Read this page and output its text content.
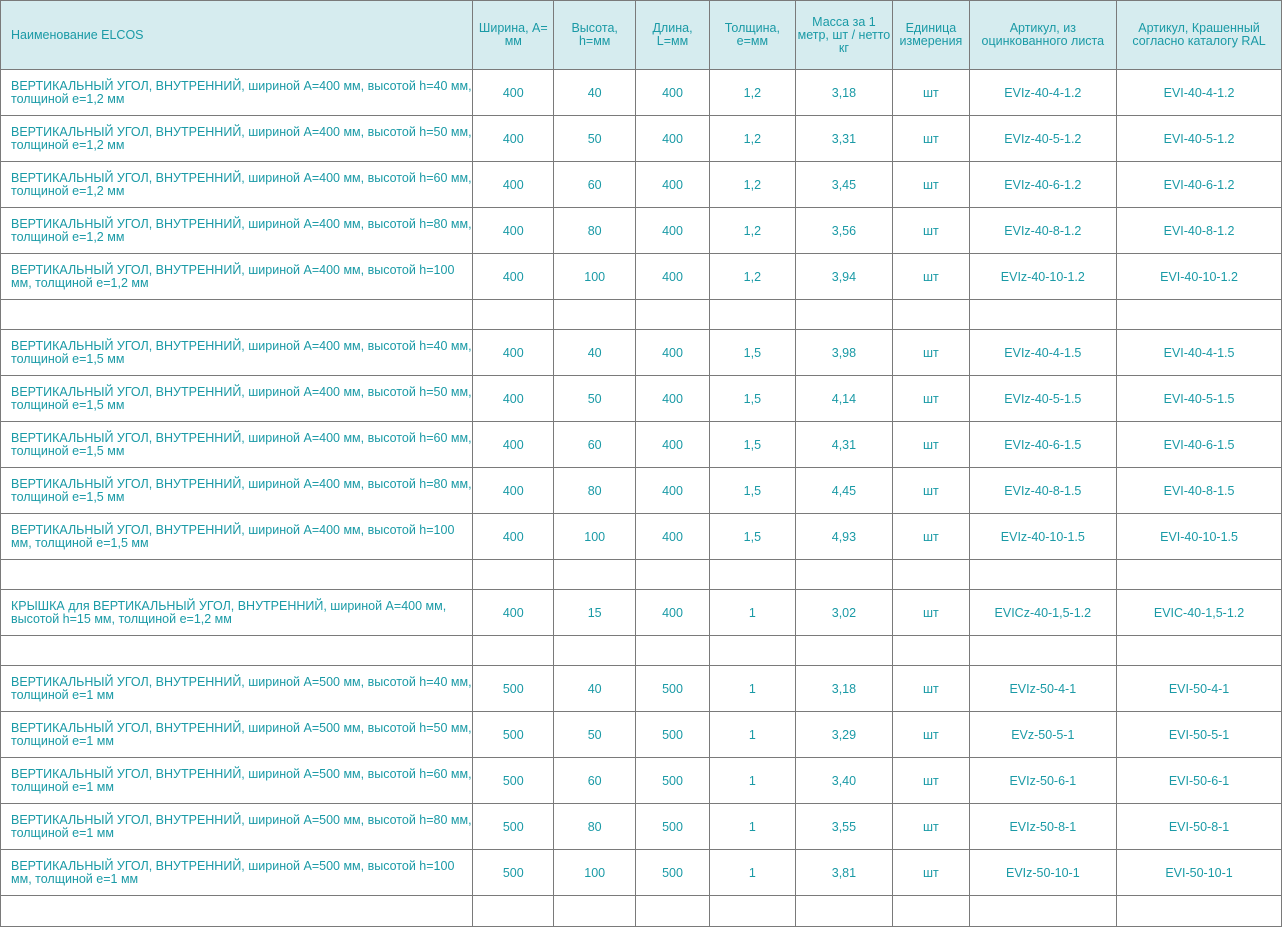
Наименование ELCOS	Ширина, А= мм	Высота, h=мм	Длина, L=мм	Толщина, е=мм	Масса за 1 метр, шт / нетто кг	Единица измерения	Артикул, из оцинкованного листа	Артикул, Крашенный согласно каталогу RAL
ВЕРТИКАЛЬНЫЙ УГОЛ, ВНУТРЕННИЙ, шириной А=400 мм, высотой h=40 мм, толщиной е=1,2 мм	400	40	400	1,2	3,18	шт	EVIz-40-4-1.2	EVI-40-4-1.2
ВЕРТИКАЛЬНЫЙ УГОЛ, ВНУТРЕННИЙ, шириной А=400 мм, высотой h=50 мм, толщиной е=1,2 мм	400	50	400	1,2	3,31	шт	EVIz-40-5-1.2	EVI-40-5-1.2
ВЕРТИКАЛЬНЫЙ УГОЛ, ВНУТРЕННИЙ, шириной А=400 мм, высотой h=60 мм, толщиной е=1,2 мм	400	60	400	1,2	3,45	шт	EVIz-40-6-1.2	EVI-40-6-1.2
ВЕРТИКАЛЬНЫЙ УГОЛ, ВНУТРЕННИЙ, шириной А=400 мм, высотой h=80 мм, толщиной е=1,2 мм	400	80	400	1,2	3,56	шт	EVIz-40-8-1.2	EVI-40-8-1.2
ВЕРТИКАЛЬНЫЙ УГОЛ, ВНУТРЕННИЙ, шириной А=400 мм, высотой h=100 мм, толщиной е=1,2 мм	400	100	400	1,2	3,94	шт	EVIz-40-10-1.2	EVI-40-10-1.2

ВЕРТИКАЛЬНЫЙ УГОЛ, ВНУТРЕННИЙ, шириной А=400 мм, высотой h=40 мм, толщиной е=1,5 мм	400	40	400	1,5	3,98	шт	EVIz-40-4-1.5	EVI-40-4-1.5
ВЕРТИКАЛЬНЫЙ УГОЛ, ВНУТРЕННИЙ, шириной А=400 мм, высотой h=50 мм, толщиной е=1,5 мм	400	50	400	1,5	4,14	шт	EVIz-40-5-1.5	EVI-40-5-1.5
ВЕРТИКАЛЬНЫЙ УГОЛ, ВНУТРЕННИЙ, шириной А=400 мм, высотой h=60 мм, толщиной е=1,5 мм	400	60	400	1,5	4,31	шт	EVIz-40-6-1.5	EVI-40-6-1.5
ВЕРТИКАЛЬНЫЙ УГОЛ, ВНУТРЕННИЙ, шириной А=400 мм, высотой h=80 мм, толщиной е=1,5 мм	400	80	400	1,5	4,45	шт	EVIz-40-8-1.5	EVI-40-8-1.5
ВЕРТИКАЛЬНЫЙ УГОЛ, ВНУТРЕННИЙ, шириной А=400 мм, высотой h=100 мм, толщиной е=1,5 мм	400	100	400	1,5	4,93	шт	EVIz-40-10-1.5	EVI-40-10-1.5

КРЫШКА для ВЕРТИКАЛЬНЫЙ УГОЛ, ВНУТРЕННИЙ, шириной А=400 мм, высотой h=15 мм, толщиной е=1,2 мм	400	15	400	1	3,02	шт	EVICz-40-1,5-1.2	EVIC-40-1,5-1.2

ВЕРТИКАЛЬНЫЙ УГОЛ, ВНУТРЕННИЙ, шириной А=500 мм, высотой h=40 мм, толщиной е=1 мм	500	40	500	1	3,18	шт	EVIz-50-4-1	EVI-50-4-1
ВЕРТИКАЛЬНЫЙ УГОЛ, ВНУТРЕННИЙ, шириной А=500 мм, высотой h=50 мм, толщиной е=1 мм	500	50	500	1	3,29	шт	EVz-50-5-1	EVI-50-5-1
ВЕРТИКАЛЬНЫЙ УГОЛ, ВНУТРЕННИЙ, шириной А=500 мм, высотой h=60 мм, толщиной е=1 мм	500	60	500	1	3,40	шт	EVIz-50-6-1	EVI-50-6-1
ВЕРТИКАЛЬНЫЙ УГОЛ, ВНУТРЕННИЙ, шириной А=500 мм, высотой h=80 мм, толщиной е=1 мм	500	80	500	1	3,55	шт	EVIz-50-8-1	EVI-50-8-1
ВЕРТИКАЛЬНЫЙ УГОЛ, ВНУТРЕННИЙ, шириной А=500 мм, высотой h=100 мм, толщиной е=1 мм	500	100	500	1	3,81	шт	EVIz-50-10-1	EVI-50-10-1
